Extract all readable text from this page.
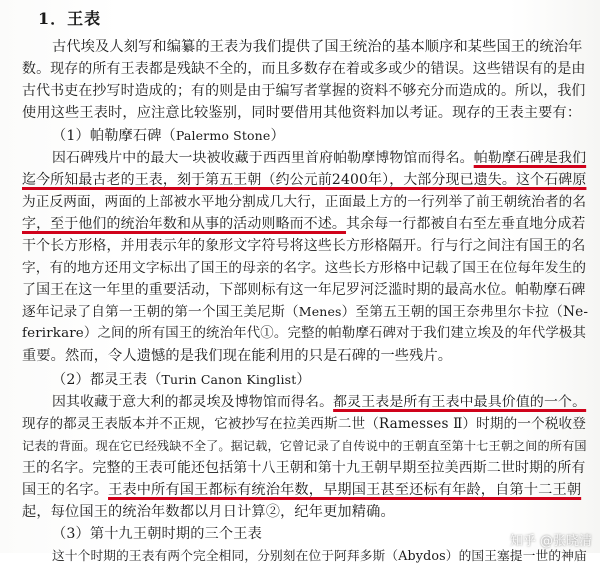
1．王表
古代埃及人刻写和编纂的王表为我们提供了国王统治的基本顺序和某些国王的统治年
数。现存的所有王表都是残缺不全的，而且多数存在着或多或少的错误。这些错误有的是由
古代书吏在抄写时造成的；有的则是由于编写者掌握的资料不够充分而造成的。所以，我们
使用这些王表时，应注意比较鉴别，同时要借用其他资料加以考证。现存的王表主要有：
（1）帕勒摩石碑（Palermo Stone）
因石碑残片中的最大一块被收藏于西西里首府帕勒摩博物馆而得名。帕勒摩石碑是我们
迄今所知最古老的王表，刻于第五王朝（约公元前2400年），大部分现已遗失。这个石碑原
为正反两面，两面的上部被水平地分割成几大行，正面最上方的一行列举了前王朝统治者的名
字，至于他们的统治年数和从事的活动则略而不述。其余每一行都被自右至左垂直地分成若
干个长方形格，并用表示年的象形文字符号将这些长方形格隔开。行与行之间注有国王的名
字，有的地方还用文字标出了国王的母亲的名字。这些长方形格中记载了国王在位每年发生的
了国王在这一年里的重要活动，下部则标有这一年尼罗河泛滥时期的最高水位。帕勒摩石碑
逐年记录了自第一王朝的第一个国王美尼斯（Menes）至第五王朝的国王奈弗里尔卡拉（Ne-
ferirkare）之间的所有国王的统治年代①。完整的帕勒摩石碑对于我们建立埃及的年代学极其
重要。然而，令人遗憾的是我们现在能利用的只是石碑的一些残片。
（2）都灵王表（Turin Canon Kinglist）
因其收藏于意大利的都灵埃及博物馆而得名。都灵王表是所有王表中最具价值的一个。
现存的都灵王表版本并不正规，它被抄写在拉美西斯二世（Ramesses Ⅱ）时期的一个税收登
记表的背面。现在它已经残缺不全了。据记载，它曾记录了自传说中的王朝直至第十七王朝之间的所有国
王的名字。完整的王表可能还包括第十八王朝和第十九王朝早期至拉美西斯二世时期的所有
国王的名字。王表中所有国王都标有统治年数，早期国王甚至还标有年龄，自第十二王朝
起，每位国王的统治年数都以月日计算②，纪年更加精确。
（3）第十九王朝时期的三个王表
这十个时期的王表有两个完全相同，分别刻在位于阿拜多斯（Abydos）的国王塞提一世的神庙
知乎 @张晓清
